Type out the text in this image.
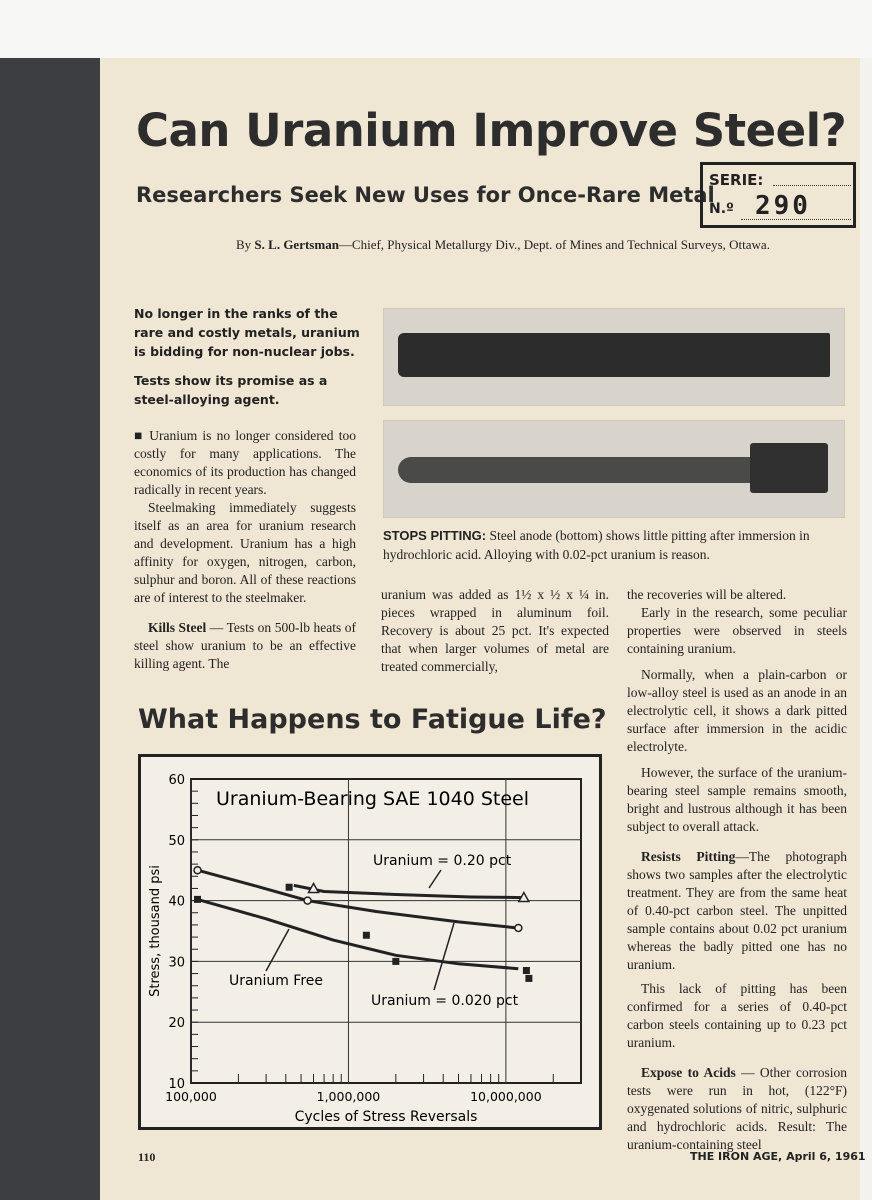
Can Uranium Improve Steel?
Researchers Seek New Uses for Once-Rare Metal
SERIE:
N.º 290
By S. L. Gertsman—Chief, Physical Metallurgy Div., Dept. of Mines and Technical Surveys, Ottawa.

No longer in the ranks of the rare and costly metals, uranium is bidding for non-nuclear jobs.

Tests show its promise as a steel-alloying agent.

■ Uranium is no longer considered too costly for many applications. The economics of its production has changed radically in recent years.

Steelmaking immediately suggests itself as an area for uranium research and development. Uranium has a high affinity for oxygen, nitrogen, carbon, sulphur and boron. All of these reactions are of interest to the steelmaker.

Kills Steel — Tests on 500-lb heats of steel show uranium to be an effective killing agent. The

STOPS PITTING: Steel anode (bottom) shows little pitting after immersion in hydrochloric acid. Alloying with 0.02-pct uranium is reason.

uranium was added as 1½ x ½ x ¼ in. pieces wrapped in aluminum foil. Recovery is about 25 pct. It's expected that when larger volumes of metal are treated commercially,

the recoveries will be altered.

Early in the research, some peculiar properties were observed in steels containing uranium.

Normally, when a plain-carbon or low-alloy steel is used as an anode in an electrolytic cell, it shows a dark pitted surface after immersion in the acidic electrolyte.

However, the surface of the uranium-bearing steel sample remains smooth, bright and lustrous although it has been subject to overall attack.

Resists Pitting—The photograph shows two samples after the electrolytic treatment. They are from the same heat of 0.40-pct carbon steel. The unpitted sample contains about 0.02 pct uranium whereas the badly pitted one has no uranium.

This lack of pitting has been confirmed for a series of 0.40-pct carbon steels containing up to 0.23 pct uranium.

Expose to Acids — Other corrosion tests were run in hot, (122°F) oxygenated solutions of nitric, sulphuric and hydrochloric acids. Result: The uranium-containing steel

What Happens to Fatigue Life?
10
20
30
40
50
60
100,000	1,000,000	10,000,000
Cycles of Stress Reversals
Stress, thousand psi
Uranium-Bearing SAE 1040 Steel
Uranium = 0.20 pct
Uranium Free
Uranium = 0.020 pct
110	THE IRON AGE, April 6, 1961
